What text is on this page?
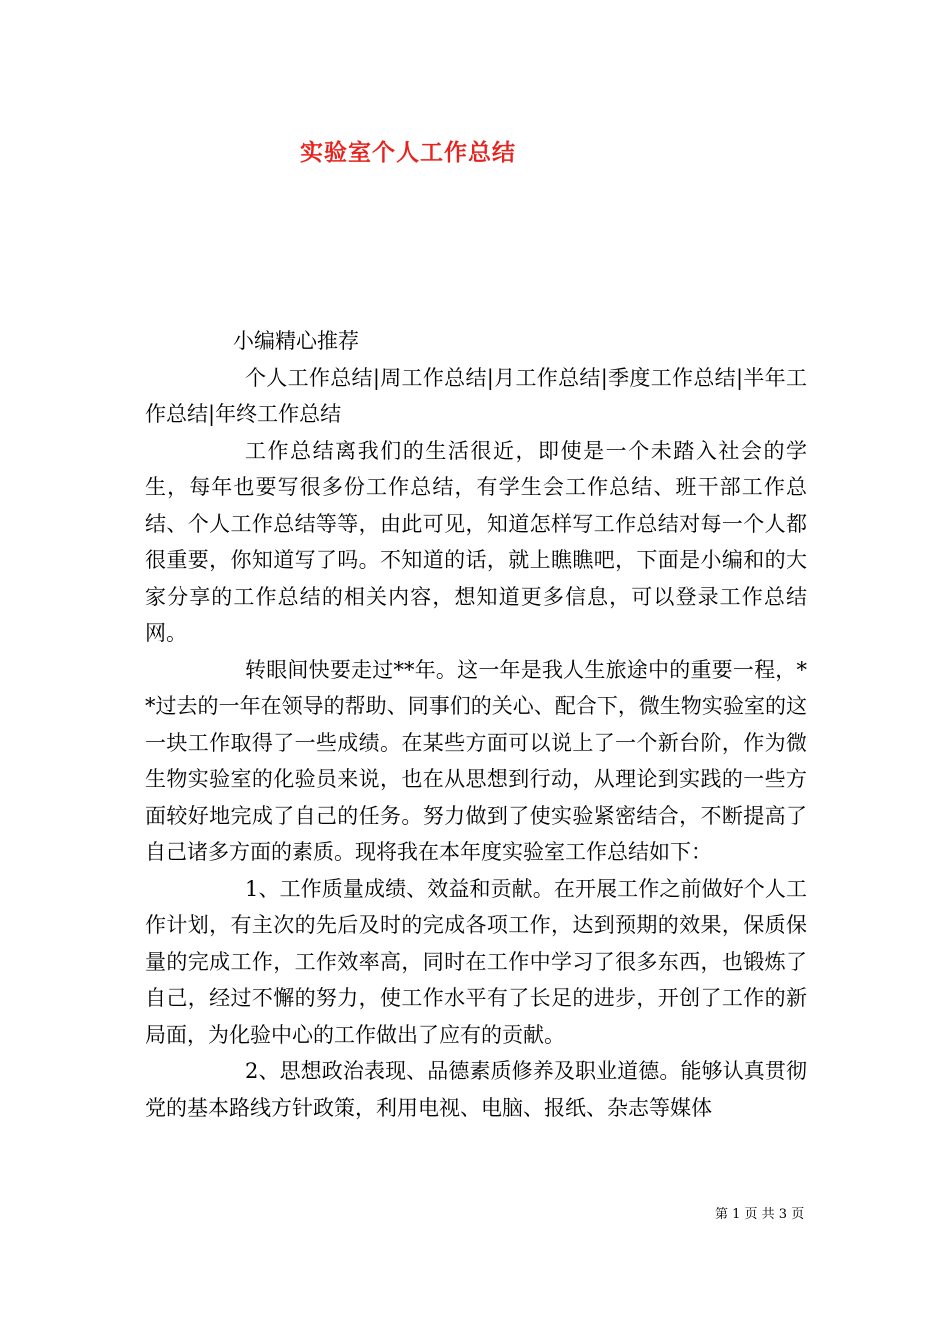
实验室个人工作总结

小编精心推荐

个人工作总结|周工作总结|月工作总结|季度工作总结|半年工作总结|年终工作总结

工作总结离我们的生活很近，即使是一个未踏入社会的学生，每年也要写很多份工作总结，有学生会工作总结、班干部工作总结、个人工作总结等等，由此可见，知道怎样写工作总结对每一个人都很重要，你知道写了吗。不知道的话，就上瞧瞧吧，下面是小编和的大家分享的工作总结的相关内容，想知道更多信息，可以登录工作总结网。

转眼间快要走过**年。这一年是我人生旅途中的重要一程，**过去的一年在领导的帮助、同事们的关心、配合下，微生物实验室的这一块工作取得了一些成绩。在某些方面可以说上了一个新台阶，作为微生物实验室的化验员来说，也在从思想到行动，从理论到实践的一些方面较好地完成了自己的任务。努力做到了使实验紧密结合，不断提高了自己诸多方面的素质。现将我在本年度实验室工作总结如下：

1、工作质量成绩、效益和贡献。在开展工作之前做好个人工作计划，有主次的先后及时的完成各项工作，达到预期的效果，保质保量的完成工作，工作效率高，同时在工作中学习了很多东西，也锻炼了自己，经过不懈的努力，使工作水平有了长足的进步，开创了工作的新局面，为化验中心的工作做出了应有的贡献。

2、思想政治表现、品德素质修养及职业道德。能够认真贯彻党的基本路线方针政策，利用电视、电脑、报纸、杂志等媒体

第 1 页 共 3 页
